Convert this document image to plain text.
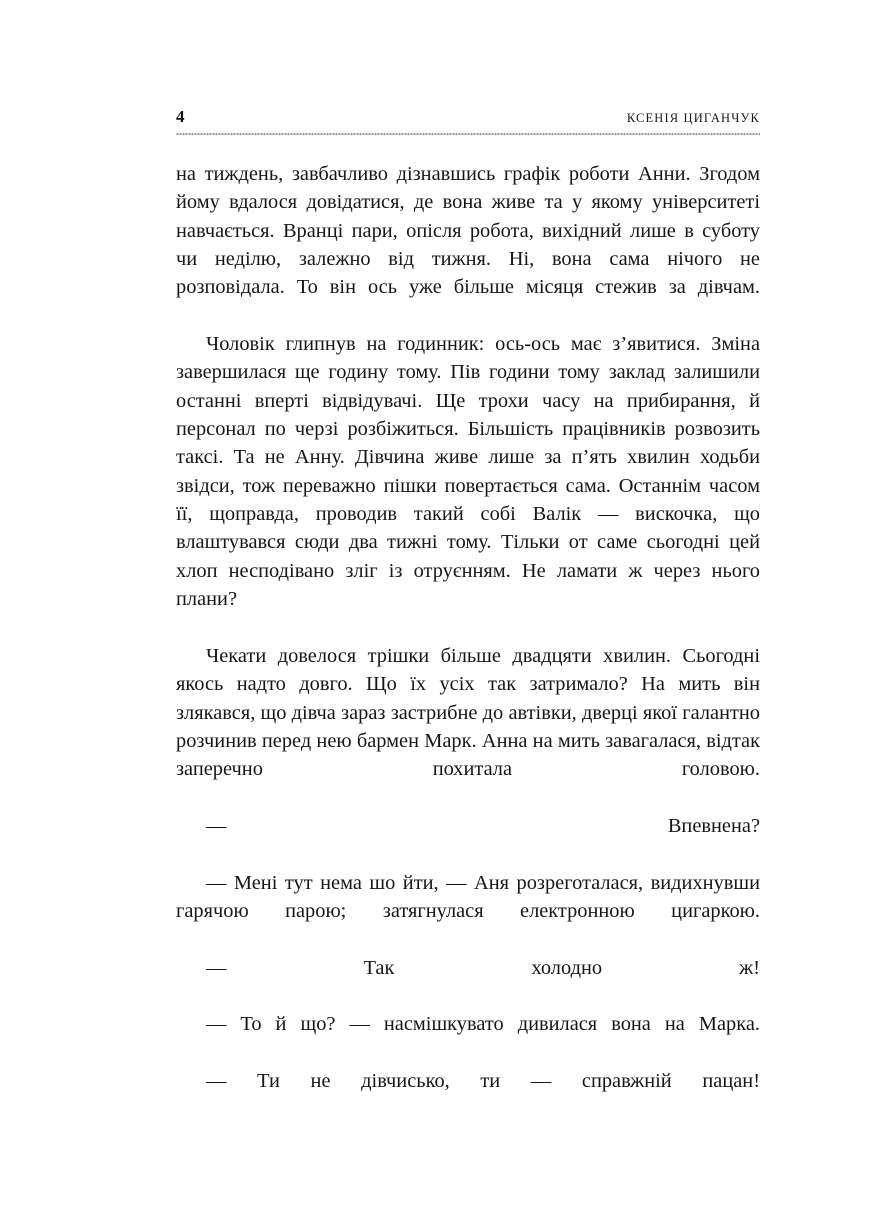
4	КСЕНІЯ ЦИГАНЧУК

на тиждень, завбачливо дізнавшись графік роботи Анни. Згодом йому вдалося довідатися, де вона живе та у якому університеті навчається. Вранці пари, опісля робота, вихідний лише в суботу чи неділю, залежно від тижня. Ні, вона сама нічого не розповідала. То він ось уже більше місяця стежив за дівчам.

Чоловік глипнув на годинник: ось-ось має з’явитися. Зміна завершилася ще годину тому. Пів години тому заклад залишили останні вперті відвідувачі. Ще трохи часу на прибирання, й персонал по черзі розбіжиться. Більшість працівників розвозить таксі. Та не Анну. Дівчина живе лише за п’ять хвилин ходьби звідси, тож переважно пішки повертається сама. Останнім часом її, щоправда, проводив такий собі Валік — вискочка, що влаштувався сюди два тижні тому. Тільки от саме сьогодні цей хлоп несподівано зліг із отруєнням. Не ламати ж через нього плани?

Чекати довелося трішки більше двадцяти хвилин. Сьогодні якось надто довго. Що їх усіх так затримало? На мить він злякався, що дівча зараз застрибне до автівки, дверці якої галантно розчинив перед нею бармен Марк. Анна на мить завагалася, відтак заперечно похитала головою.

— Впевнена?

— Мені тут нема шо йти, — Аня розреготалася, видихнувши гарячою парою; затягнулася електронною цигаркою.

— Так холодно ж!

— То й що? — насмішкувато дивилася вона на Марка.

— Ти не дівчисько, ти — справжній пацан!
